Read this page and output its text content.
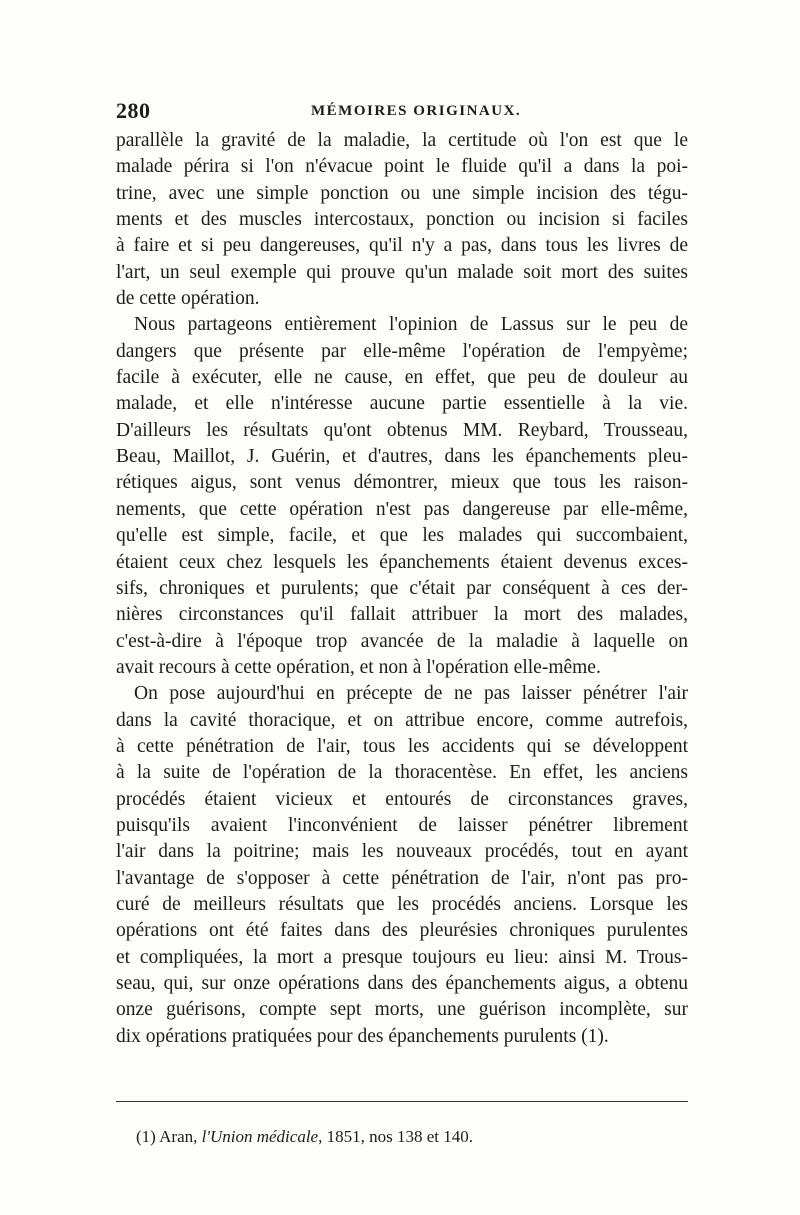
280	MÉMOIRES ORIGINAUX.
parallèle la gravité de la maladie, la certitude où l'on est que le
malade périra si l'on n'évacue point le fluide qu'il a dans la poi-
trine, avec une simple ponction ou une simple incision des tégu-
ments et des muscles intercostaux, ponction ou incision si faciles
à faire et si peu dangereuses, qu'il n'y a pas, dans tous les livres de
l'art, un seul exemple qui prouve qu'un malade soit mort des suites
de cette opération.
Nous partageons entièrement l'opinion de Lassus sur le peu de
dangers que présente par elle-même l'opération de l'empyème;
facile à exécuter, elle ne cause, en effet, que peu de douleur au
malade, et elle n'intéresse aucune partie essentielle à la vie.
D'ailleurs les résultats qu'ont obtenus MM. Reybard, Trousseau,
Beau, Maillot, J. Guérin, et d'autres, dans les épanchements pleu-
rétiques aigus, sont venus démontrer, mieux que tous les raison-
nements, que cette opération n'est pas dangereuse par elle-même,
qu'elle est simple, facile, et que les malades qui succombaient,
étaient ceux chez lesquels les épanchements étaient devenus exces-
sifs, chroniques et purulents; que c'était par conséquent à ces der-
nières circonstances qu'il fallait attribuer la mort des malades,
c'est-à-dire à l'époque trop avancée de la maladie à laquelle on
avait recours à cette opération, et non à l'opération elle-même.
On pose aujourd'hui en précepte de ne pas laisser pénétrer l'air
dans la cavité thoracique, et on attribue encore, comme autrefois,
à cette pénétration de l'air, tous les accidents qui se développent
à la suite de l'opération de la thoracentèse. En effet, les anciens
procédés étaient vicieux et entourés de circonstances graves,
puisqu'ils avaient l'inconvénient de laisser pénétrer librement
l'air dans la poitrine; mais les nouveaux procédés, tout en ayant
l'avantage de s'opposer à cette pénétration de l'air, n'ont pas pro-
curé de meilleurs résultats que les procédés anciens. Lorsque les
opérations ont été faites dans des pleurésies chroniques purulentes
et compliquées, la mort a presque toujours eu lieu: ainsi M. Trous-
seau, qui, sur onze opérations dans des épanchements aigus, a obtenu
onze guérisons, compte sept morts, une guérison incomplète, sur
dix opérations pratiquées pour des épanchements purulents (1).
(1) Aran, l'Union médicale, 1851, nos 138 et 140.
